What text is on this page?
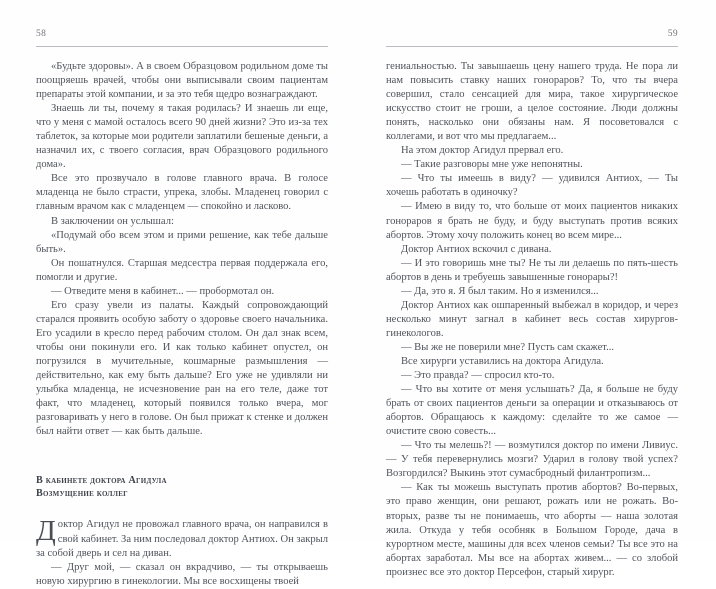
58

«Будьте здоровы». А в своем Образцовом родильном доме ты поощряешь врачей, чтобы они выписывали своим пациентам препараты этой компании, и за это тебя щедро вознаграждают.

Знаешь ли ты, почему я такая родилась? И знаешь ли еще, что у меня с мамой осталось всего 90 дней жизни? Это из-за тех таблеток, за которые мои родители заплатили бешеные деньги, а назначил их, с твоего согласия, врач Образцового родильного дома».

Все это прозвучало в голове главного врача. В голосе младенца не было страсти, упрека, злобы. Младенец говорил с главным врачом как с младенцем — спокойно и ласково.

В заключении он услышал:

«Подумай обо всем этом и прими решение, как тебе дальше быть».

Он пошатнулся. Старшая медсестра первая поддержала его, помогли и другие.

— Отведите меня в кабинет... — пробормотал он.

Его сразу увели из палаты. Каждый сопровождающий старался проявить особую заботу о здоровье своего начальника. Его усадили в кресло перед рабочим столом. Он дал знак всем, чтобы они покинули его. И как только кабинет опустел, он погрузился в мучительные, кошмарные размышления — действительно, как ему быть дальше? Его уже не удивляли ни улыбка младенца, не исчезновение ран на его теле, даже тот факт, что младенец, который появился только вчера, мог разговаривать у него в голове. Он был прижат к стенке и должен был найти ответ — как быть дальше.

В кабинете доктора Агидула
Возмущение коллег

Доктор Агидул не провожал главного врача, он направился в свой кабинет. За ним последовал доктор Антиох. Он закрыл за собой дверь и сел на диван.

— Друг мой, — сказал он вкрадчиво, — ты открываешь новую хирургию в гинекологии. Мы все восхищены твоей

59

гениальностью. Ты завышаешь цену нашего труда. Не пора ли нам повысить ставку наших гонораров? То, что ты вчера совершил, стало сенсацией для мира, такое хирургическое искусство стоит не гроши, а целое состояние. Люди должны понять, насколько они обязаны нам. Я посоветовался с коллегами, и вот что мы предлагаем...

На этом доктор Агидул прервал его.

— Такие разговоры мне уже непонятны.

— Что ты имеешь в виду? — удивился Антиох, — Ты хочешь работать в одиночку?

— Имею в виду то, что больше от моих пациентов никаких гонораров я брать не буду, и буду выступать против всяких абортов. Этому хочу положить конец во всем мире...

Доктор Антиох вскочил с дивана.

— И это говоришь мне ты? Не ты ли делаешь по пять-шесть абортов в день и требуешь завышенные гонорары?!

— Да, это я. Я был таким. Но я изменился...

Доктор Антиох как ошпаренный выбежал в коридор, и через несколько минут загнал в кабинет весь состав хирургов-гинекологов.

— Вы же не поверили мне? Пусть сам скажет...

Все хирурги уставились на доктора Агидула.

— Это правда? — спросил кто-то.

— Что вы хотите от меня услышать? Да, я больше не буду брать от своих пациентов деньги за операции и отказываюсь от абортов. Обращаюсь к каждому: сделайте то же самое — очистите свою совесть...

— Что ты мелешь?! — возмутился доктор по имени Ливиус. — У тебя перевернулись мозги? Ударил в голову твой успех? Возгордился? Выкинь этот сумасбродный филантропизм...

— Как ты можешь выступать против абортов? Во-первых, это право женщин, они решают, рожать или не рожать. Во-вторых, разве ты не понимаешь, что аборты — наша золотая жила. Откуда у тебя особняк в Большом Городе, дача в курортном месте, машины для всех членов семьи? Ты все это на абортах заработал. Мы все на абортах живем... — со злобой произнес все это доктор Персефон, старый хирург.
